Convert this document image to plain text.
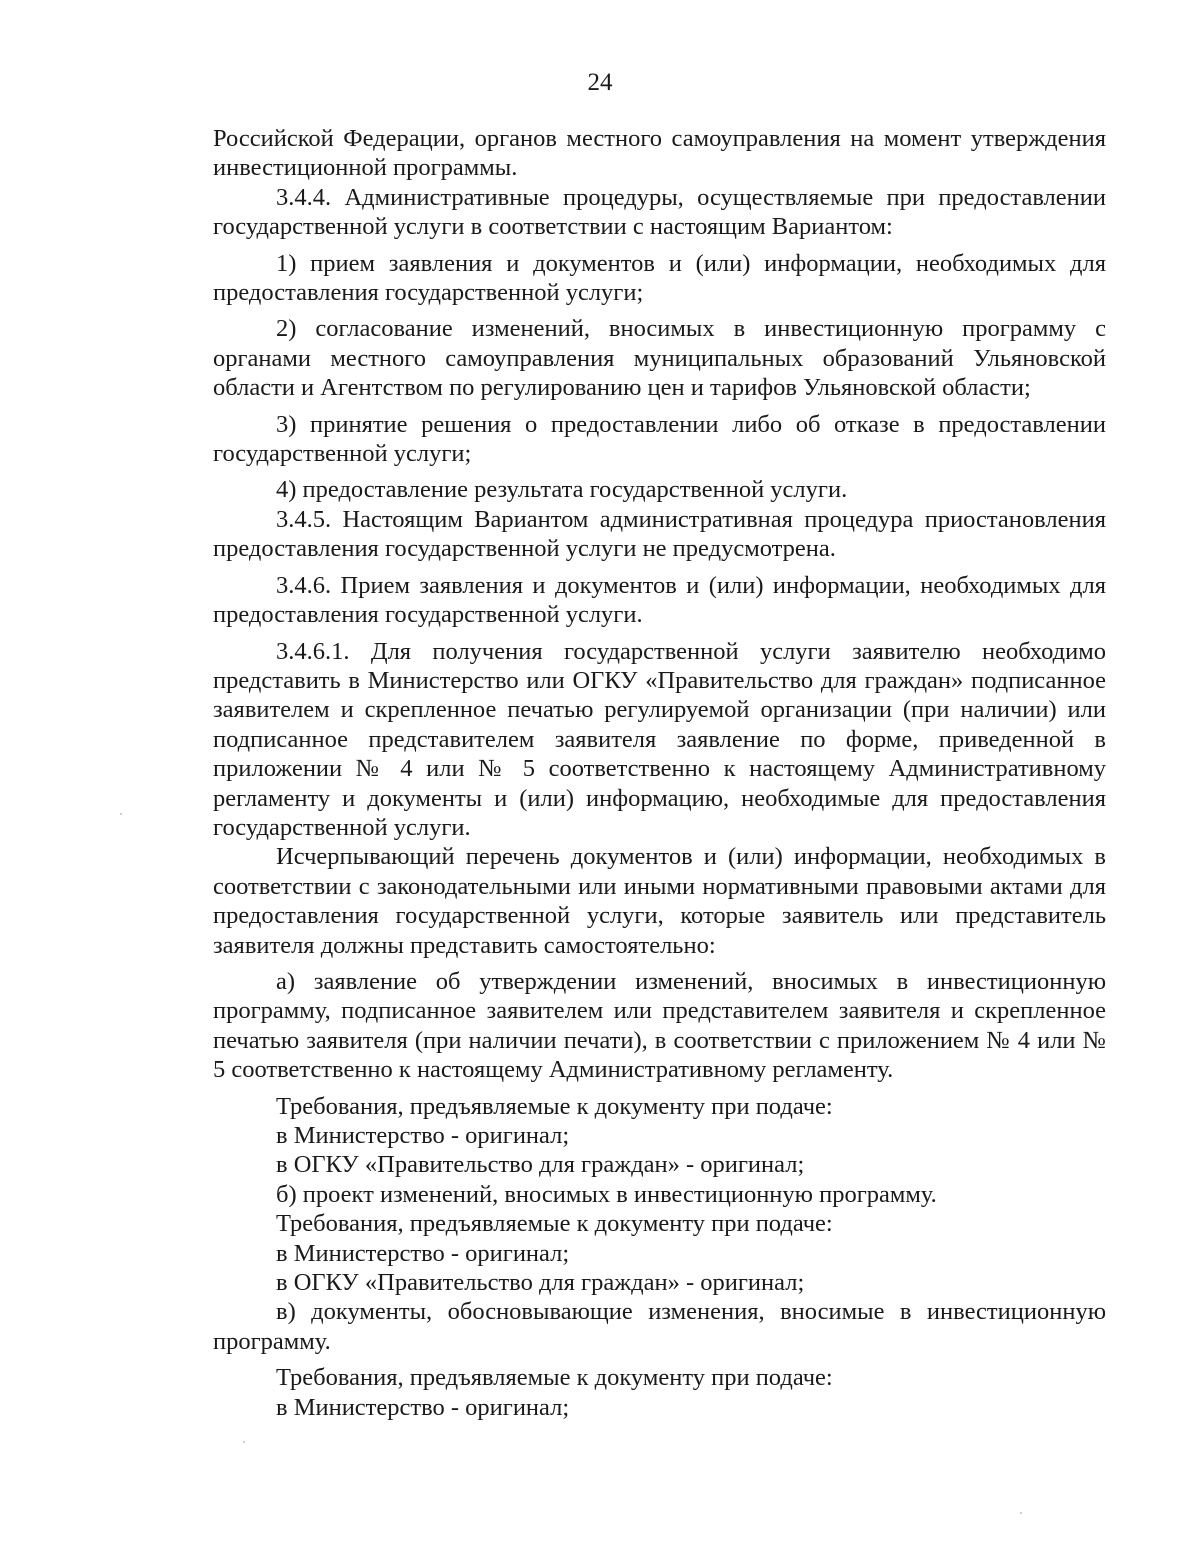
24

Российской Федерации, органов местного самоуправления на момент утверждения инвестиционной программы.

3.4.4. Административные процедуры, осуществляемые при предоставлении государственной услуги в соответствии с настоящим Вариантом:

1) прием заявления и документов и (или) информации, необходимых для предоставления государственной услуги;

2) согласование изменений, вносимых в инвестиционную программу с органами местного самоуправления муниципальных образований Ульяновской области и Агентством по регулированию цен и тарифов Ульяновской области;

3) принятие решения о предоставлении либо об отказе в предоставлении государственной услуги;

4) предоставление результата государственной услуги.

3.4.5. Настоящим Вариантом административная процедура приостановления предоставления государственной услуги не предусмотрена.

3.4.6. Прием заявления и документов и (или) информации, необходимых для предоставления государственной услуги.

3.4.6.1. Для получения государственной услуги заявителю необходимо представить в Министерство или ОГКУ «Правительство для граждан» подписанное заявителем и скрепленное печатью регулируемой организации (при наличии) или подписанное представителем заявителя заявление по форме, приведенной в приложении № 4 или № 5 соответственно к настоящему Административному регламенту и документы и (или) информацию, необходимые для предоставления государственной услуги.

Исчерпывающий перечень документов и (или) информации, необходимых в соответствии с законодательными или иными нормативными правовыми актами для предоставления государственной услуги, которые заявитель или представитель заявителя должны представить самостоятельно:

а) заявление об утверждении изменений, вносимых в инвестиционную программу, подписанное заявителем или представителем заявителя и скрепленное печатью заявителя (при наличии печати), в соответствии с приложением № 4 или № 5 соответственно к настоящему Административному регламенту.

Требования, предъявляемые к документу при подаче:

в Министерство - оригинал;

в ОГКУ «Правительство для граждан» - оригинал;

б) проект изменений, вносимых в инвестиционную программу.

Требования, предъявляемые к документу при подаче:

в Министерство - оригинал;

в ОГКУ «Правительство для граждан» - оригинал;

в) документы, обосновывающие изменения, вносимые в инвестиционную программу.

Требования, предъявляемые к документу при подаче:

в Министерство - оригинал;
